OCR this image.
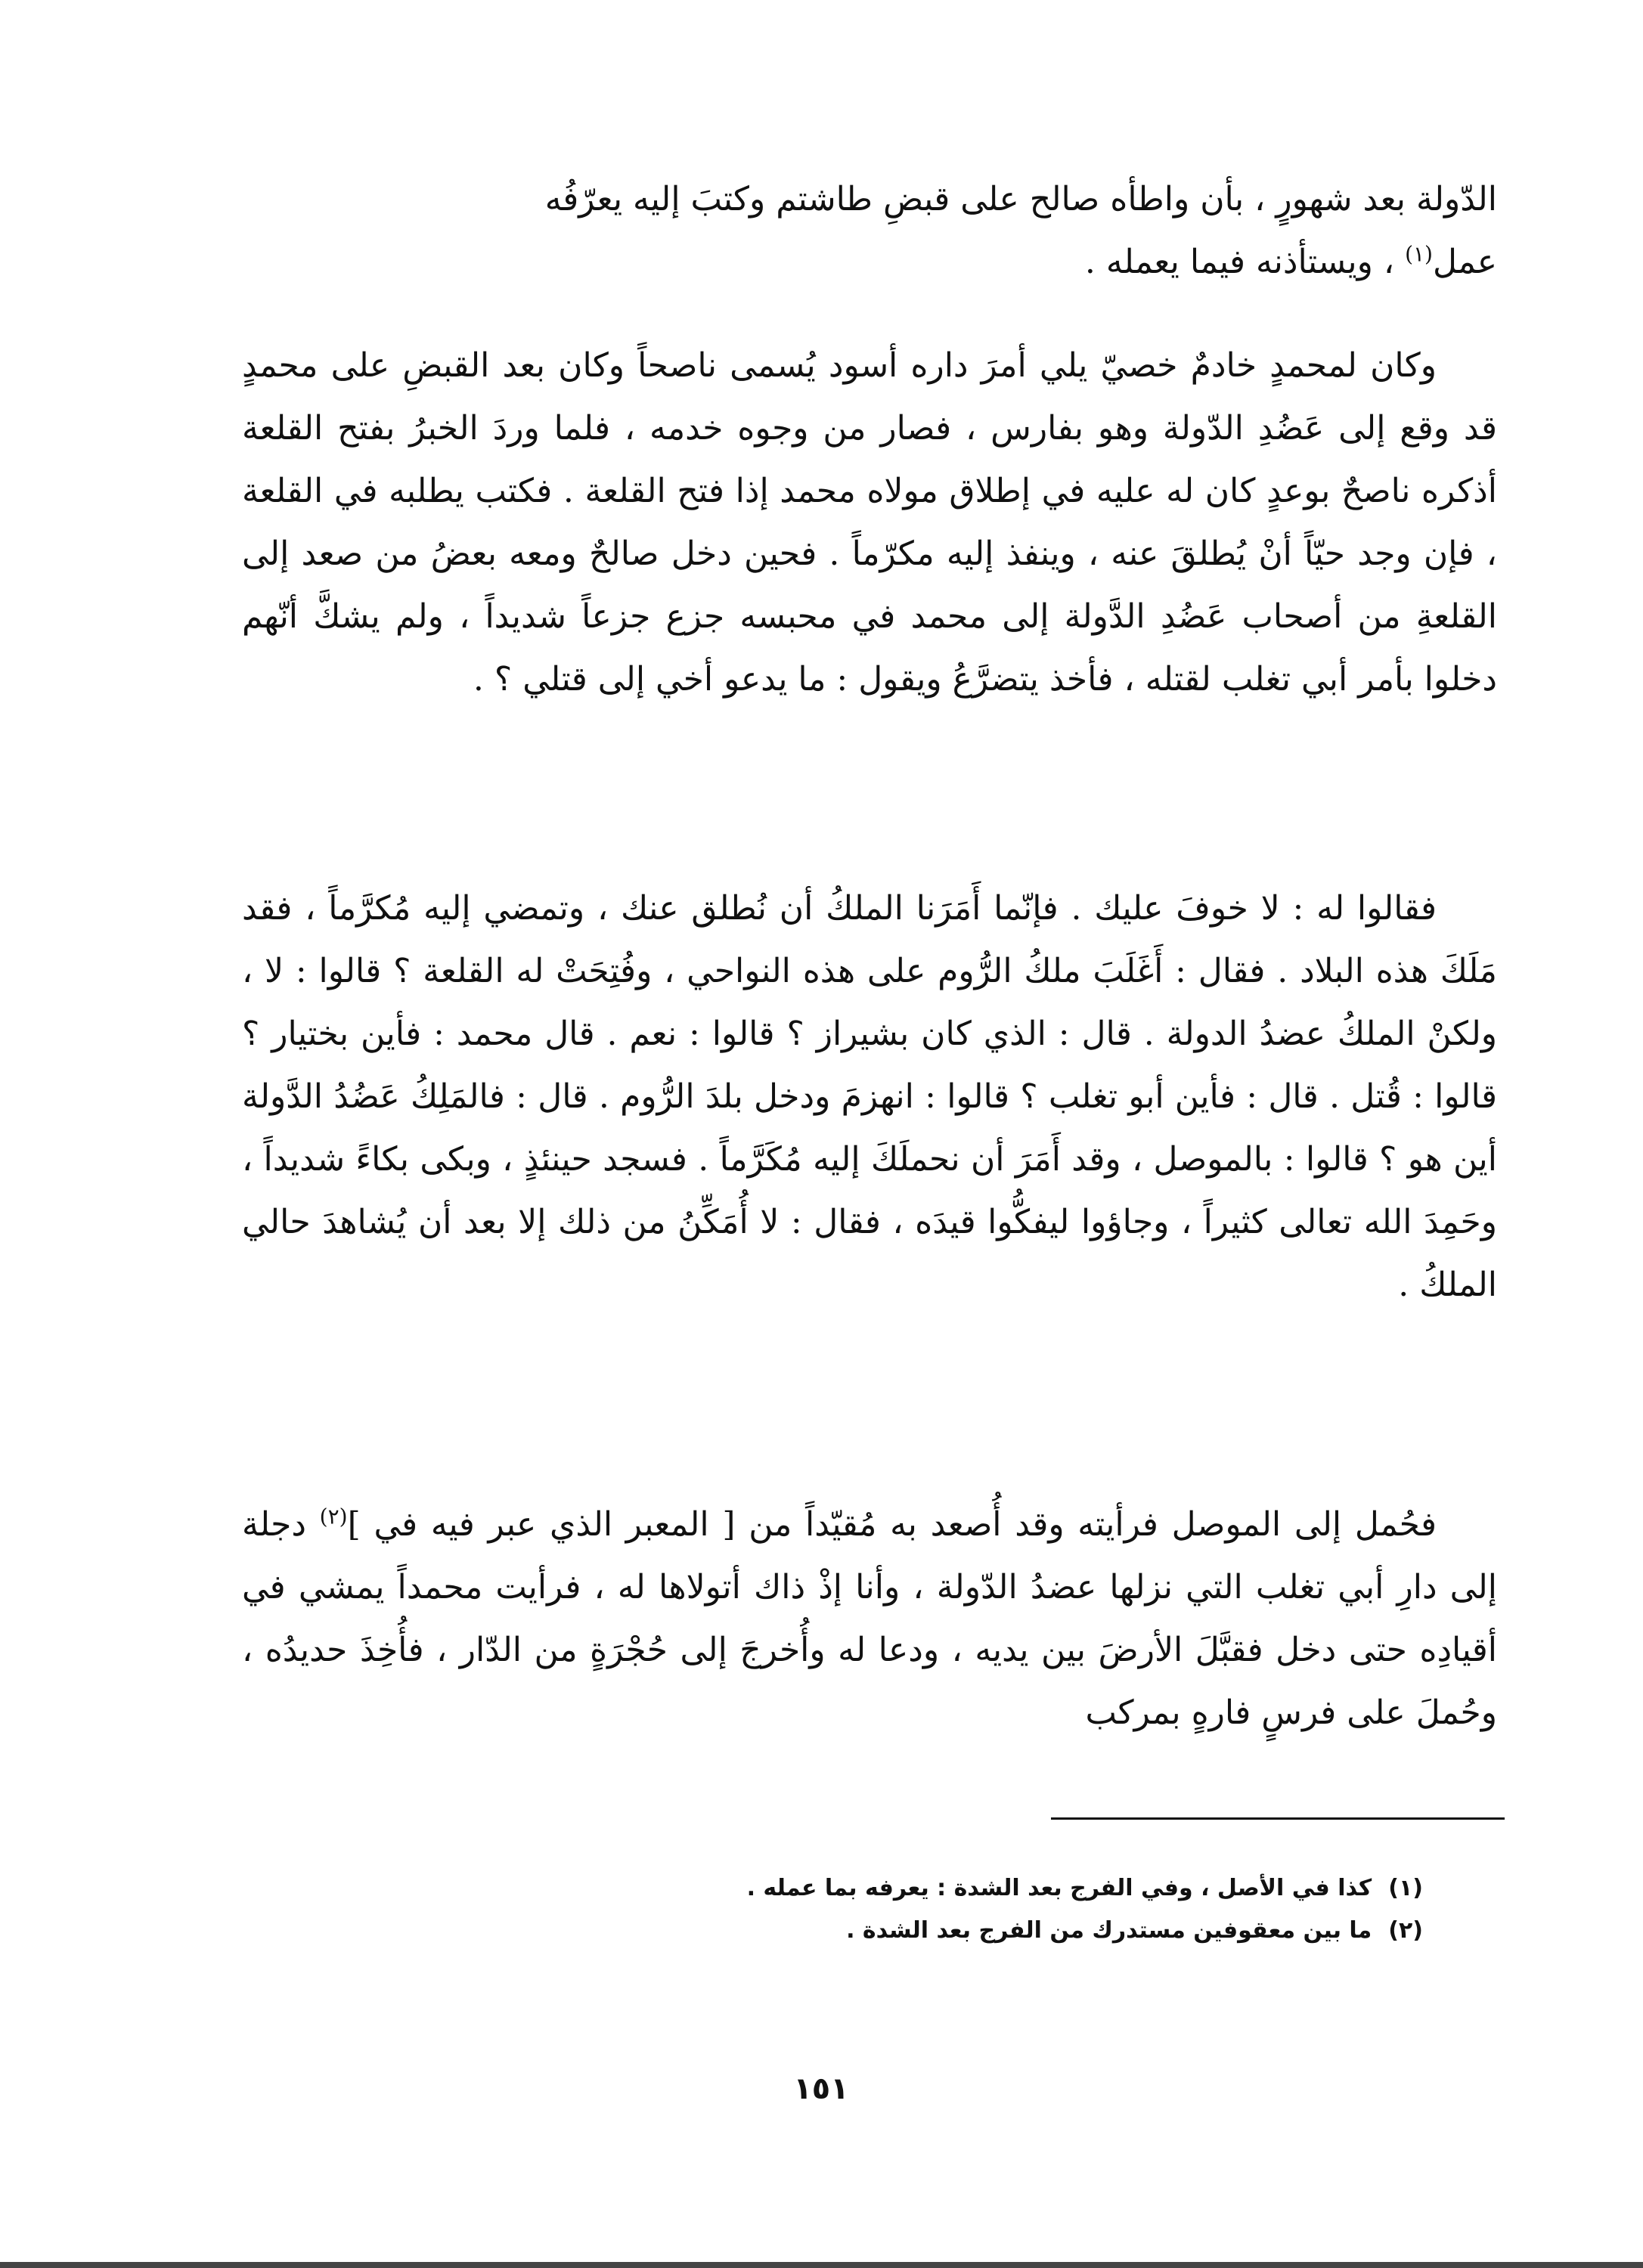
الدّولة بعد شهورٍ ، بأن واطأه صالح على قبضِ طاشتم وكتبَ إليه يعرّفُه
عمل$^{(١)}$ ، ويستأذنه فيما يعمله .

وكان لمحمدٍ خادمٌ خصيّ يلي أمرَ داره أسود يُسمى ناصحاً وكان بعد القبضِ على محمدٍ قد وقع إلى عَضُدِ الدّولة وهو بفارس ، فصار من وجوه خدمه ، فلما وردَ الخبرُ بفتح القلعة أذكره ناصحٌ بوعدٍ كان له عليه في إطلاق مولاه محمد إذا فتح القلعة . فكتب يطلبه في القلعة ، فإن وجد حيّاً أنْ يُطلقَ عنه ، وينفذ إليه مكرّماً . فحين دخل صالحٌ ومعه بعضُ من صعد إلى القلعةِ من أصحاب عَضُدِ الدَّولة إلى محمد في محبسه جزع جزعاً شديداً ، ولم يشكَّ أنّهم دخلوا بأمر أبي تغلب لقتله ، فأخذ يتضرَّعُ ويقول : ما يدعو أخي إلى قتلي ؟ .

فقالوا له : لا خوفَ عليك . فإنّما أَمَرَنا الملكُ أن نُطلق عنك ، وتمضي إليه مُكرَّماً ، فقد مَلَكَ هذه البلاد . فقال : أَغَلَبَ ملكُ الرُّوم على هذه النواحي ، وفُتِحَتْ له القلعة ؟ قالوا : لا ، ولكنْ الملكُ عضدُ الدولة . قال : الذي كان بشيراز ؟ قالوا : نعم . قال محمد : فأين بختيار ؟ قالوا : قُتل . قال : فأين أبو تغلب ؟ قالوا : انهزمَ ودخل بلدَ الرُّوم . قال : فالمَلِكُ عَضُدُ الدَّولة أين هو ؟ قالوا : بالموصل ، وقد أَمَرَ أن نحملَكَ إليه مُكَرَّماً . فسجد حينئذٍ ، وبكى بكاءً شديداً ، وحَمِدَ الله تعالى كثيراً ، وجاؤوا ليفكُّوا قيدَه ، فقال : لا أُمَكِّنُ من ذلك إلا بعد أن يُشاهدَ حالي الملكُ .

فحُمل إلى الموصل فرأيته وقد أُصعد به مُقيّداً من [ المعبر الذي عبر فيه في ]$^{(٢)}$ دجلة إلى دارِ أبي تغلب التي نزلها عضدُ الدّولة ، وأنا إذْ ذاك أتولاها له ، فرأيت محمداً يمشي في أقيادِه حتى دخل فقبَّلَ الأرضَ بين يديه ، ودعا له وأُخرجَ إلى حُجْرَةٍ من الدّار ، فأُخِذَ حديدُه ، وحُملَ على فرسٍ فارهٍ بمركب

(١)كذا في الأصل ، وفي الفرج بعد الشدة : يعرفه بما عمله .

(٢)ما بين معقوفين مستدرك من الفرج بعد الشدة .

١٥١
